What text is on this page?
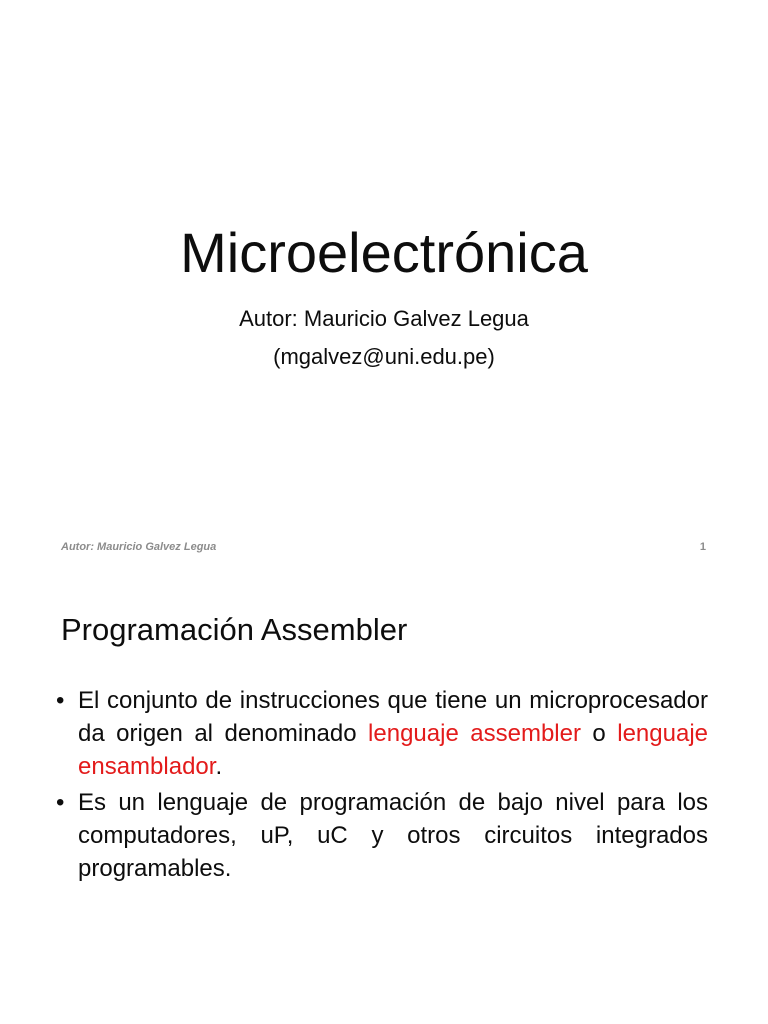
Microelectrónica
Autor: Mauricio Galvez Legua
(mgalvez@uni.edu.pe)
Autor: Mauricio Galvez Legua	1
Programación Assembler
• El conjunto de instrucciones que tiene un microprocesador da origen al denominado lenguaje assembler o lenguaje ensamblador.
• Es un lenguaje de programación de bajo nivel para los computadores, uP, uC y otros circuitos integrados programables.
